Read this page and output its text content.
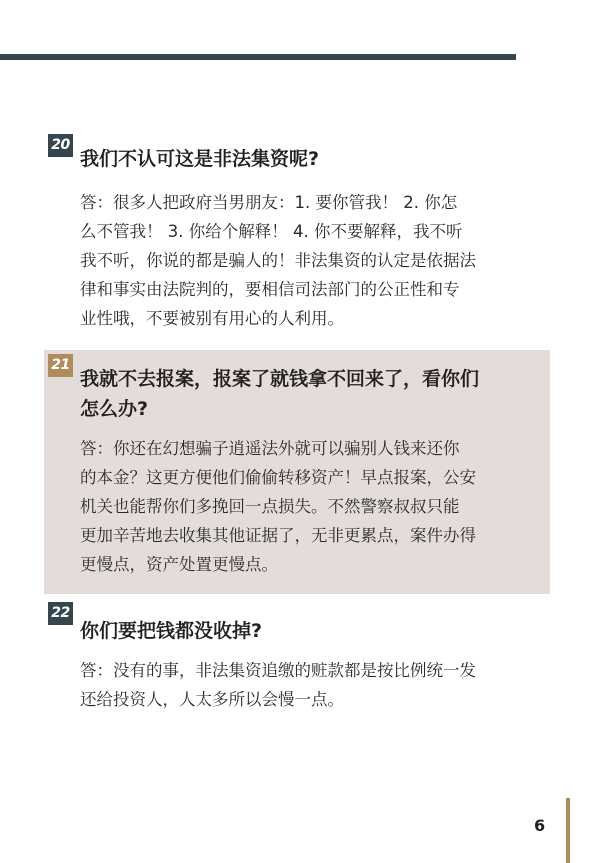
20
我们不认可这是非法集资呢?
答：很多人把政府当男朋友：1. 要你管我！ 2. 你怎
么不管我！ 3. 你给个解释！ 4. 你不要解释，我不听
我不听，你说的都是骗人的！非法集资的认定是依据法
律和事实由法院判的，要相信司法部门的公正性和专
业性哦，不要被别有用心的人利用。
21
我就不去报案，报案了就钱拿不回来了，看你们
怎么办?
答：你还在幻想骗子逍遥法外就可以骗别人钱来还你
的本金？这更方便他们偷偷转移资产！早点报案，公安
机关也能帮你们多挽回一点损失。不然警察叔叔只能
更加辛苦地去收集其他证据了，无非更累点，案件办得
更慢点，资产处置更慢点。
22
你们要把钱都没收掉?
答：没有的事，非法集资追缴的赃款都是按比例统一发
还给投资人，人太多所以会慢一点。
6
